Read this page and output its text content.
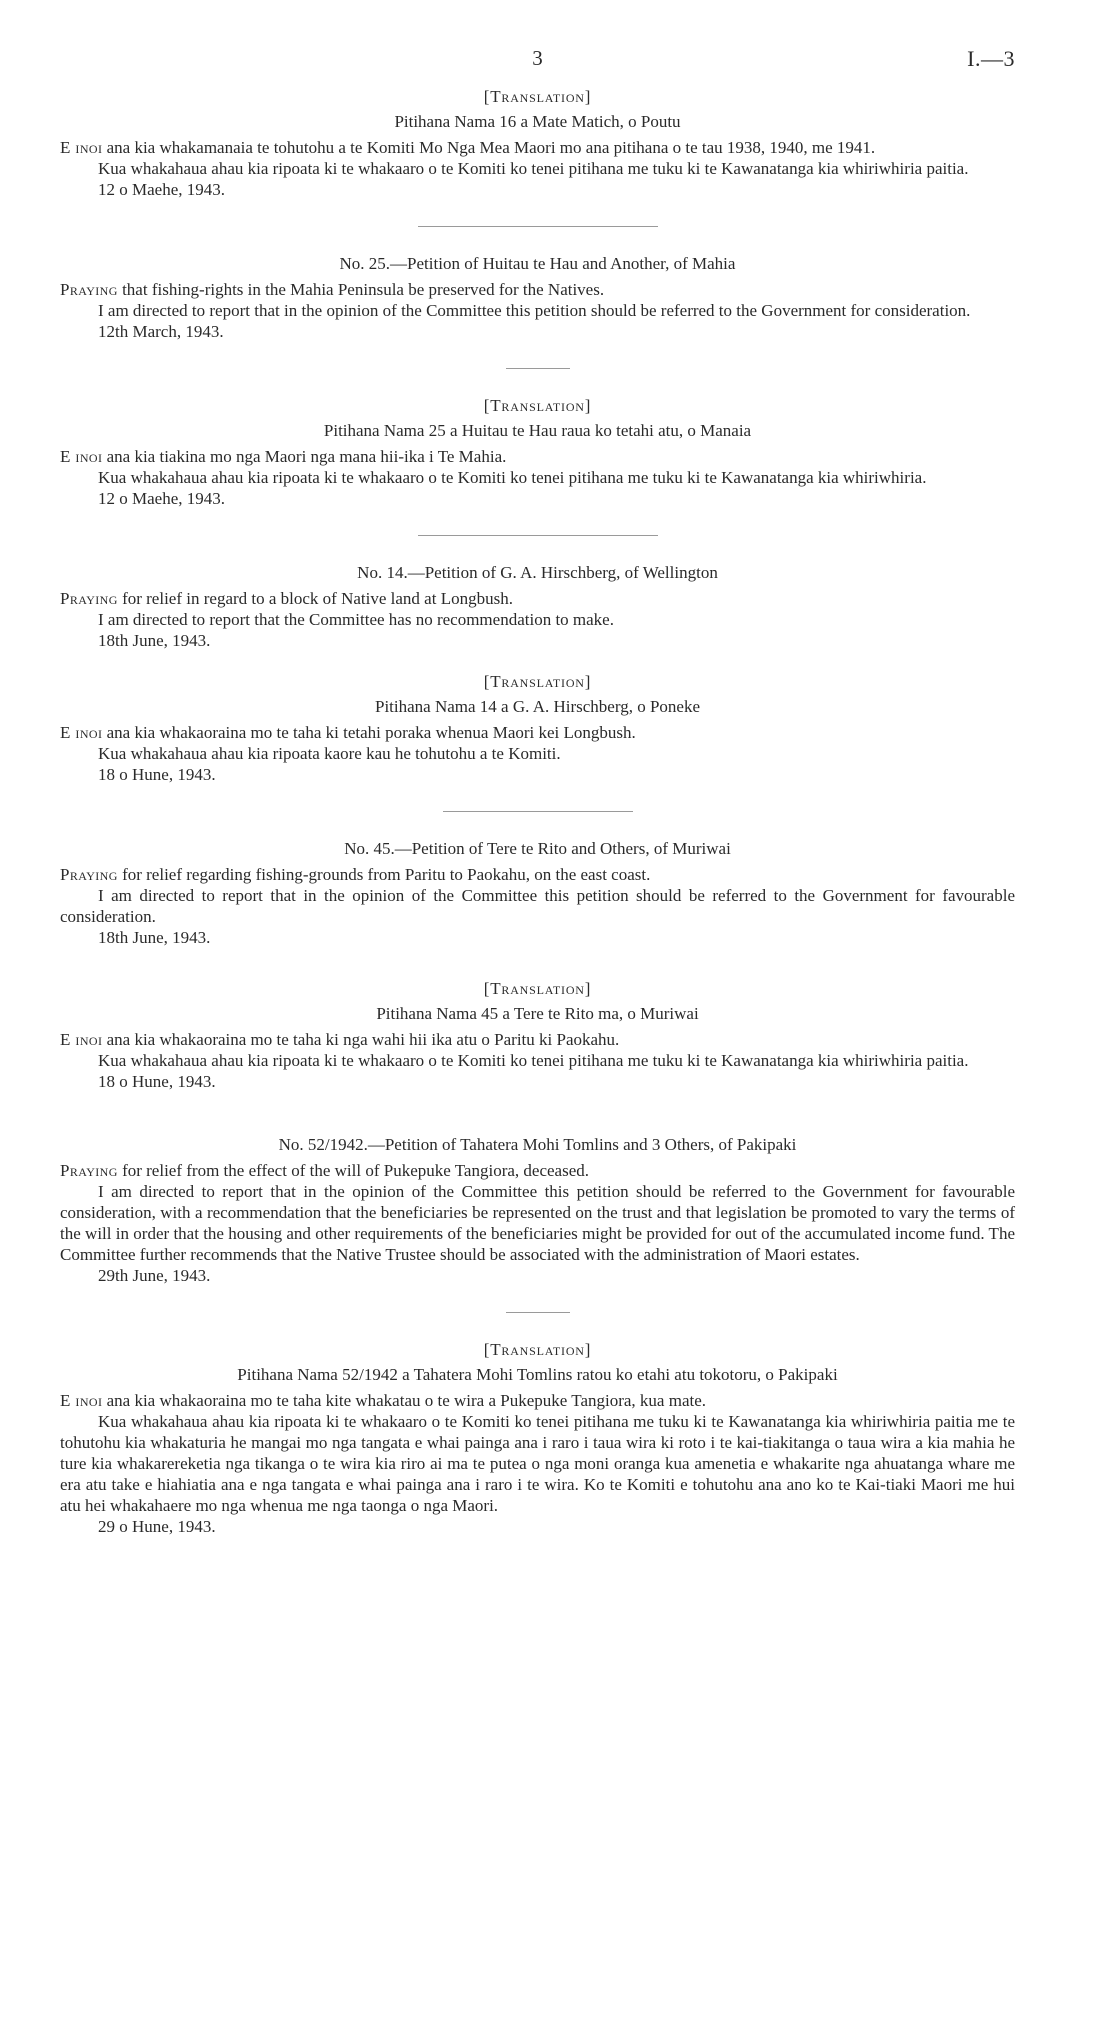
3	I.—3
[Translation]
Pitihana Nama 16 a Mate Matich, o Poutu

E inoi ana kia whakamanaia te tohutohu a te Komiti Mo Nga Mea Maori mo ana pitihana o te tau 1938, 1940, me 1941.

Kua whakahaua ahau kia ripoata ki te whakaaro o te Komiti ko tenei pitihana me tuku ki te Kawanatanga kia whiriwhiria paitia.

12 o Maehe, 1943.
No. 25.—Petition of Huitau te Hau and Another, of Mahia

Praying that fishing-rights in the Mahia Peninsula be preserved for the Natives.

I am directed to report that in the opinion of the Committee this petition should be referred to the Government for consideration.

12th March, 1943.
[Translation]
Pitihana Nama 25 a Huitau te Hau raua ko tetahi atu, o Manaia

E inoi ana kia tiakina mo nga Maori nga mana hii-ika i Te Mahia.

Kua whakahaua ahau kia ripoata ki te whakaaro o te Komiti ko tenei pitihana me tuku ki te Kawanatanga kia whiriwhiria.

12 o Maehe, 1943.
No. 14.—Petition of G. A. Hirschberg, of Wellington

Praying for relief in regard to a block of Native land at Longbush.

I am directed to report that the Committee has no recommendation to make.

18th June, 1943.
[Translation]
Pitihana Nama 14 a G. A. Hirschberg, o Poneke

E inoi ana kia whakaoraina mo te taha ki tetahi poraka whenua Maori kei Longbush.

Kua whakahaua ahau kia ripoata kaore kau he tohutohu a te Komiti.

18 o Hune, 1943.
No. 45.—Petition of Tere te Rito and Others, of Muriwai

Praying for relief regarding fishing-grounds from Paritu to Paokahu, on the east coast.

I am directed to report that in the opinion of the Committee this petition should be referred to the Government for favourable consideration.

18th June, 1943.
[Translation]
Pitihana Nama 45 a Tere te Rito ma, o Muriwai

E inoi ana kia whakaoraina mo te taha ki nga wahi hii ika atu o Paritu ki Paokahu.

Kua whakahaua ahau kia ripoata ki te whakaaro o te Komiti ko tenei pitihana me tuku ki te Kawanatanga kia whiriwhiria paitia.

18 o Hune, 1943.
No. 52/1942.—Petition of Tahatera Mohi Tomlins and 3 Others, of Pakipaki

Praying for relief from the effect of the will of Pukepuke Tangiora, deceased.

I am directed to report that in the opinion of the Committee this petition should be referred to the Government for favourable consideration, with a recommendation that the beneficiaries be represented on the trust and that legislation be promoted to vary the terms of the will in order that the housing and other requirements of the beneficiaries might be provided for out of the accumulated income fund. The Committee further recommends that the Native Trustee should be associated with the administration of Maori estates.

29th June, 1943.
[Translation]
Pitihana Nama 52/1942 a Tahatera Mohi Tomlins ratou ko etahi atu tokotoru, o Pakipaki

E inoi ana kia whakaoraina mo te taha kite whakatau o te wira a Pukepuke Tangiora, kua mate.

Kua whakahaua ahau kia ripoata ki te whakaaro o te Komiti ko tenei pitihana me tuku ki te Kawanatanga kia whiriwhiria paitia me te tohutohu kia whakaturia he mangai mo nga tangata e whai painga ana i raro i taua wira ki roto i te kai-tiakitanga o taua wira a kia mahia he ture kia whakarereketia nga tikanga o te wira kia riro ai ma te putea o nga moni oranga kua amenetia e whakarite nga ahuatanga whare me era atu take e hiahiatia ana e nga tangata e whai painga ana i raro i te wira. Ko te Komiti e tohutohu ana ano ko te Kai-tiaki Maori me hui atu hei whakahaere mo nga whenua me nga taonga o nga Maori.

29 o Hune, 1943.
